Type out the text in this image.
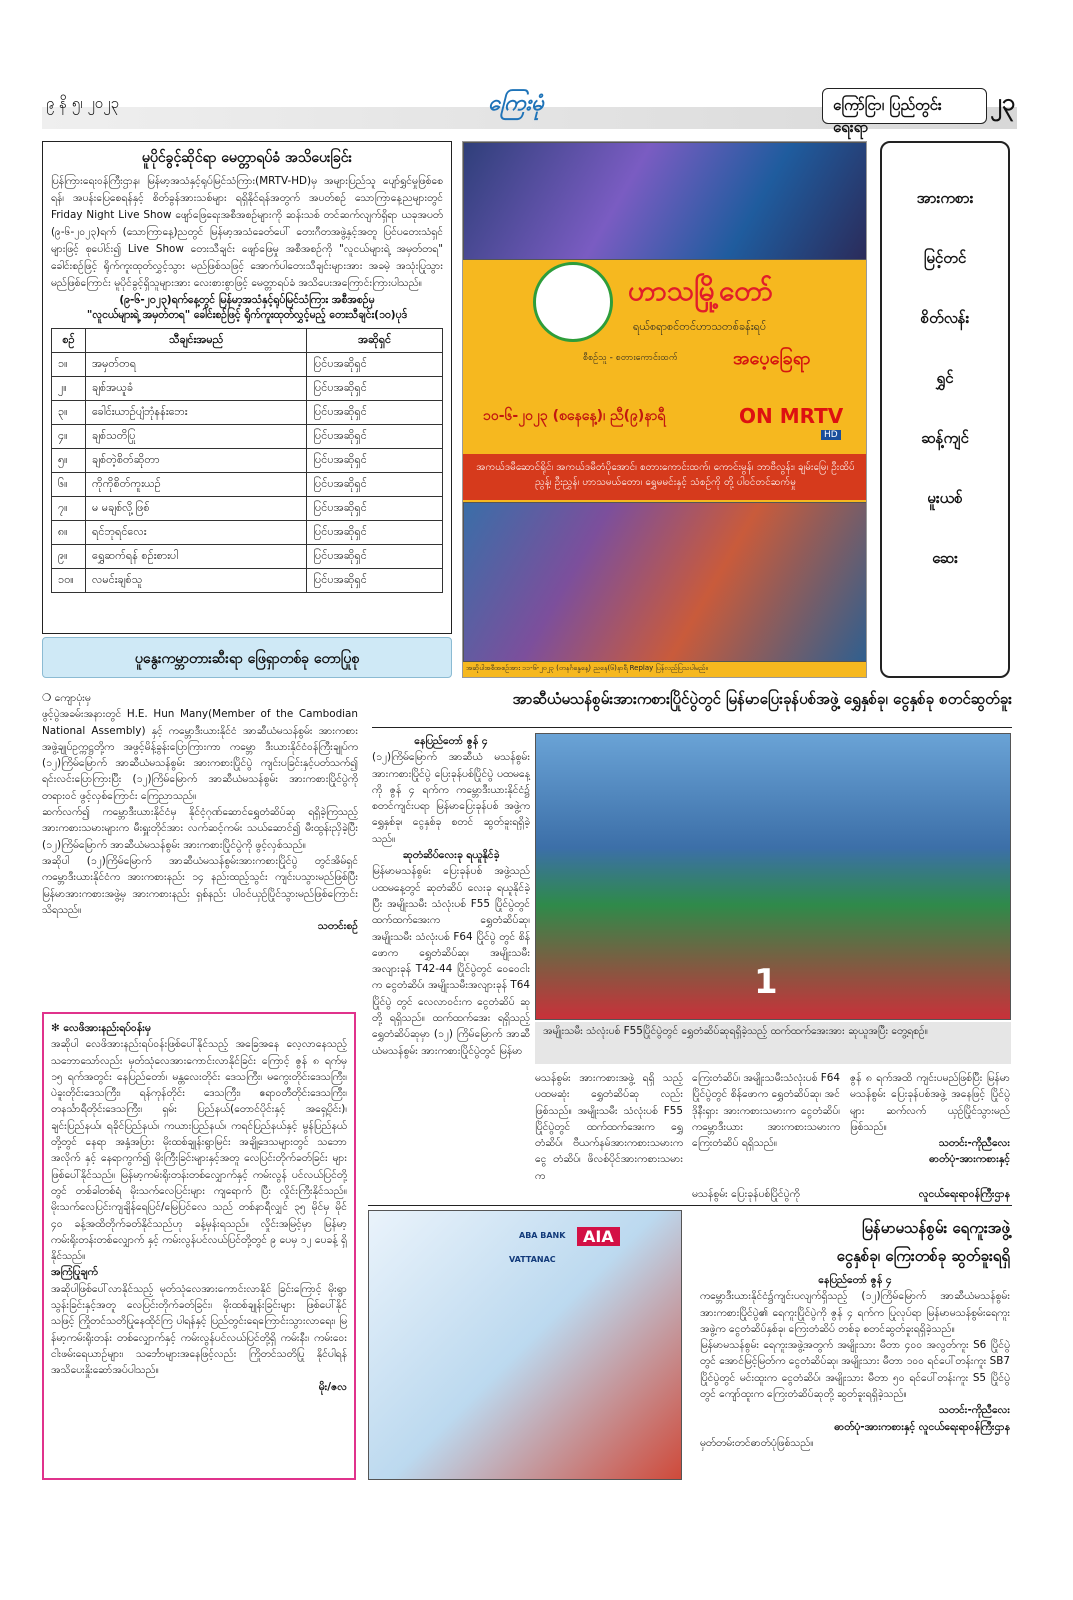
၉ နိ ၅၊ ၂၀၂၃	ကြေးမုံ	ကြော်ငြာ၊ ပြည်တွင်းရေးရာ
၂၃
မူပိုင်ခွင့်ဆိုင်ရာ မေတ္တာရပ်ခံ အသိပေးခြင်း
ပြန်ကြားရေးဝန်ကြီးဌာန၊ မြန်မာ့အသံနှင့်ရုပ်မြင်သံကြား(MRTV-HD)မှ အများပြည်သူ ပျော်ရွှင်မှုဖြစ်စေရန်၊ အပန်းပြေစေရန်နှင့် စိတ်ခွန်အားသစ်များ ရရှိနိုင်ရန်အတွက် အပတ်စဉ် သောကြာနေ့ညများတွင် Friday Night Live Show ဖျော်ဖြေရေးအစီအစဉ်များကို ဆန်းသစ် တင်ဆက်လျက်ရှိရာ ယခုအပတ် (၉-၆-၂၀၂၃)ရက် (သောကြာနေ့)ညတွင် မြန်မာ့အသံခေတ်ပေါ် တေးဂီတအဖွဲ့နှင့်အတူ ပြင်ပတေးသံရှင်များဖြင့် စုပေါင်း၍ Live Show တေးသီချင်း ဖျော်ဖြေမှု အစီအစဉ်ကို "လူငယ်များရဲ့ အမှတ်တရ" ခေါင်းစဉ်ဖြင့် ရိုက်ကူးထုတ်လွှင့်သွား မည်ဖြစ်သဖြင့် အောက်ပါတေးသီချင်းများအား အခမဲ့ အသုံးပြုသွားမည်ဖြစ်ကြောင်း မူပိုင်ခွင့်ရှိသူများအား လေးစားစွာဖြင့် မေတ္တာရပ်ခံ အသိပေးအကြောင်းကြားပါသည်။
(၉-၆-၂၀၂၃)ရက်နေ့တွင် မြန်မာ့အသံနှင့်ရုပ်မြင်သံကြား အစီအစဉ်မှ
"လူငယ်များရဲ့ အမှတ်တရ" ခေါင်းစဉ်ဖြင့် ရိုက်ကူးထုတ်လွှင့်မည့် တေးသီချင်း(၁၀)ပုဒ်
စဉ်	သီချင်းအမည်	အဆိုရှင်
၁။	အမှတ်တရ	ပြင်ပအဆိုရှင်
၂။	ချစ်အယူခံ	ပြင်ပအဆိုရှင်
၃။	ခေါင်းယာဉ်ပျံဘုံနန်းဘေး	ပြင်ပအဆိုရှင်
၄။	ချစ်သတိပြု	ပြင်ပအဆိုရှင်
၅။	ချစ်တဲ့စိတ်ဆိုတာ	ပြင်ပအဆိုရှင်
၆။	ကိုကိုစိတ်ကူးယဉ်	ပြင်ပအဆိုရှင်
၇။	မ မချစ်လို့ဖြစ်	ပြင်ပအဆိုရှင်
၈။	ရင်ဘုရင်လေး	ပြင်ပအဆိုရှင်
၉။	ရွှေဆက်ရန် စဉ်းစားပါ	ပြင်ပအဆိုရှင်
၁၀။	လမင်းချစ်သူ	ပြင်ပအဆိုရှင်
ပူနွေးကမ္ဘာတားဆီးရာ ဖြေရှာတစ်ခု တောပြုစု
ဟာသမြို့တော်
ရယ်စရာစင်တင်ဟာသတစ်ခန်းရပ်
စီစဉ်သူ - စတားကောင်းထက်	အပေ့ခြေရာ
၁၀-၆-၂၀၂၃ (စနေနေ့)၊ ညီ(၉)နာရီ	ON MRTV
HD
အကယ်ဒမီဆောင်ရိုင်၊ အကယ်ဒမီတံပိုအောင်၊ စတားကောင်းထက်၊ ကောင်းမွန်၊ ဘာဗီလွန်း၊ ချမ်းမြေ၊ ဦးထိပ်ညွန့်၊ ဦးညွှန်၊ ဟာသမယ်တော၊ ရွှေမမင်းနှင့် သံစဉ်ကို တို့ ပါဝင်တင်ဆက်မှု
အဆိုပါအစီအစဉ်အား ၁၁-၆-၂၀၂၃ (တနင်္ဂနွေနေ့) ညနေ(၆)နာရီ Replay ပြန်လည်ပြသပါမည်။
အားကစား
မြင့်တင်
စိတ်လန်း
ရွှင်
ဆန့်ကျင်
မူးယစ်
ဆေး
❍ ကျောပုံးမှ
ဖွင့်ပွဲအခမ်းအနားတွင် H.E. Hun Many(Member of the Cambodian National Assembly) နှင့် ကမ္ဘောဒီးယားနိုင်ငံ အာဆီယံမသန်စွမ်း အားကစားအဖွဲ့ချုပ်ဥက္ကဋ္ဌတို့က အဖွင့်မိန့်ခွန်းပြောကြားကာ ကမ္ဘော ဒီးယားနိုင်ငံဝန်ကြီးချုပ်က (၁၂)ကြိမ်မြောက် အာဆီယံမသန်စွမ်း အားကစားပြိုင်ပွဲ ကျင်းပခြင်းနှင့်ပတ်သက်၍ ရင်းလင်းပြောကြားပြီး (၁၂)ကြိမ်မြောက် အာဆီယံမသန်စွမ်း အားကစားပြိုင်ပွဲကို တရားဝင် ဖွင့်လှစ်ကြောင်း ကြေညာသည်။
ဆက်လက်၍ ကမ္ဘောဒီးယားနိုင်ငံမှ နိုင်ငံ့ဂုဏ်ဆောင်ရွှေတံဆိပ်ဆု ရရှိခဲ့ကြသည့် အားကစားသမားများက မီးရှူးတိုင်အား လက်ဆင့်ကမ်း သယ်ဆောင်၍ မီးထွန်းညှိခဲ့ပြီး (၁၂)ကြိမ်မြောက် အာဆီယံမသန်စွမ်း အားကစားပြိုင်ပွဲကို ဖွင့်လှစ်သည်။
အဆိုပါ (၁၂)ကြိမ်မြောက် အာဆီယံမသန်စွမ်းအားကစားပြိုင်ပွဲ တွင်အိမ်ရှင်ကမ္ဘောဒီးယားနိုင်ငံက အားကစားနည်း ၁၄ နည်းထည့်သွင်း ကျင်းပသွားမည်ဖြစ်ပြီး မြန်မာအားကစားအဖွဲ့မှ အားကစားနည်း ရှစ်နည်း ပါဝင်ယှဉ်ပြိုင်သွားမည်ဖြစ်ကြောင်း သိရသည်။
သတင်းစဉ်
✻ လေဖိအားနည်းရပ်ဝန်းမှ
အဆိုပါ လေဖိအားနည်းရပ်ဝန်းဖြစ်ပေါ်နိုင်သည့် အခြေအနေ လေ့လာနေသည့်သဘောသော်လည်း မှတ်သုံလေအားကောင်းလာနိုင်ခြင်း ကြောင့် ဇွန် ၈ ရက်မှ ၁၅ ရက်အတွင်း နေပြည်တော်၊ မန္တလေးတိုင်း ဒေသကြီး၊ မကွေးတိုင်းဒေသကြီး၊ ပဲခူးတိုင်းဒေသကြီး၊ ရန်ကုန်တိုင်း ဒေသကြီး၊ ဧရာဝတီတိုင်းဒေသကြီး၊ တနင်္သာရီတိုင်းဒေသကြီး၊ ရှမ်း ပြည်နယ်(တောင်ပိုင်းနှင့် အရှေ့ပိုင်း)၊ ချင်းပြည်နယ်၊ ရခိုင်ပြည်နယ်၊ ကယားပြည်နယ်၊ ကရင်ပြည်နယ်နှင့် မွန်ပြည်နယ်တို့တွင် နေရာ အနှံ့အပြား မိုးထစ်ချုန်းရွာမြင်း အချို့ဒေသများတွင် သဘောအလိုက် နှင့် နေရာကွက်၍ မိုးကြီးခြင်းများနှင့်အတူ လေပြင်းတိုက်ခတ်ခြင်း များ ဖြစ်ပေါ်နိုင်သည်။ မြန်မာ့ကမ်းရိုးတန်းတစ်လျှောက်နှင့် ကမ်းလွန် ပင်လယ်ပြင်တို့တွင် တစ်ခါတစ်ရံ မိုးသက်လေပြင်းများ ကျရောက် ပြီး လှိုင်းကြီးနိုင်သည်။ မိုးသက်လေပြင်းကျချိန်ရေပြင်/မြေပြင်လေ သည် တစ်နာရီလျှင် ၃၅ မိုင်မှ မိုင် ၄၀ ခန့်အထိတိုက်ခတ်နိုင်သည်ဟု ခန့်မှန်းရသည်။ လှိုင်းအမြင့်မှာ မြန်မာ့ကမ်းရိုးတန်းတစ်လျှောက် နှင့် ကမ်းလွန်ပင်လယ်ပြင်တို့တွင် ၉ ပေမှ ၁၂ ပေခန့် ရှိနိုင်သည်။
အကြံပြုချက်
အဆိုပါဖြစ်ပေါ်လာနိုင်သည့် မုတ်သုံလေအားကောင်းလာနိုင် ခြင်းကြောင့် မိုးရွာသွန်းခြင်းနှင့်အတူ လေပြင်းတိုက်ခတ်ခြင်း၊ မိုးထစ်ချုန်းခြင်းများ ဖြစ်ပေါ်နိုင်သဖြင့် ကြိုတင်သတိပြုနေထိုင်ကြ ပါရန်နှင့် ပြည်တွင်းရေကြောင်းသွားလာရေး၊ မြန်မာ့ကမ်းရိုးတန်း တစ်လျှောက်နှင့် ကမ်းလွန်ပင်လယ်ပြင်တို့ရှိ ကမ်းနီး၊ ကမ်းဝေး ငါးဖမ်းရေယာဉ်များ၊ သင်္ဘောများအနေဖြင့်လည်း ကြိုတင်သတိပြု နိုင်ပါရန် အသိပေးနှိုးဆော်အပ်ပါသည်။
မိုး/ဇလ
အာဆီယံမသန်စွမ်းအားကစားပြိုင်ပွဲတွင် မြန်မာပြေးခုန်ပစ်အဖွဲ့ ရွှေနှစ်ခု၊ ငွေနှစ်ခု စတင်ဆွတ်ခူး
နေပြည်တော် ဇွန် ၄
(၁၂)ကြိမ်မြောက် အာဆီယံ မသန်စွမ်း အားကစားပြိုင်ပွဲ ပြေးခုန်ပစ်ပြိုင်ပွဲ ပထမနေ့ကို ဇွန် ၄ ရက်က ကမ္ဘောဒီးယားနိုင်ငံ၌ စတင်ကျင်းပရာ မြန်မာပြေးခုန်ပစ် အဖွဲ့က ရွှေနှစ်ခု၊ ငွေနှစ်ခု စတင် ဆွတ်ခူးရရှိခဲ့သည်။
ဆုတံဆိပ်လေးခု ရယူနိုင်ခဲ့
မြန်မာမသန်စွမ်း ပြေးခုန်ပစ် အဖွဲ့သည် ပထမနေ့တွင် ဆုတံဆိပ် လေးခု ရယူနိုင်ခဲ့ပြီး အမျိုးသမီး သံလုံးပစ် F55 ပြိုင်ပွဲတွင် ထက်ထက်အေးက ရွှေတံဆိပ်ဆု၊ အမျိုးသမီး သံလုံးပစ် F64 ပြိုင်ပွဲ တွင် စိန်ဖောက ရွှေတံဆိပ်ဆု၊ အမျိုးသမီး အလျားခုန် T42-44 ပြိုင်ပွဲတွင် ဝေဝေငါးက ငွေတံဆိပ်၊ အမျိုးသမီးအလျားခုန် T64 ပြိုင်ပွဲ တွင် လေလာဝင်းက ငွေတံဆိပ် ဆုတို့ ရရှိသည်။ ထက်ထက်အေး ရရှိသည့် ရွှေတံဆိပ်ဆုမှာ (၁၂) ကြိမ်မြောက် အာဆီယံမသန်စွမ်း အားကစားပြိုင်ပွဲတွင် မြန်မာ
1
အမျိုးသမီး သံလုံးပစ် F55ပြိုင်ပွဲတွင် ရွှေတံဆိပ်ဆုရရှိခဲ့သည့် ထက်ထက်အေးအား ဆုယူအပြီး တွေ့ရစဉ်။
မသန်စွမ်း အားကစားအဖွဲ့ ရရှိ သည့် ပထမဆုံး ရွှေတံဆိပ်ဆု လည်းဖြစ်သည်။ အမျိုးသမီး သံလုံးပစ် F55 ပြိုင်ပွဲတွင် ထက်ထက်အေးက ရွှေတံဆိပ်၊ ဗီယက်နမ်အားကစားသမားက ငွေ တံဆိပ်၊ ဖိလစ်ပိုင်အားကစားသမားက
ကြေးတံဆိပ်၊ အမျိုးသမီးသံလုံးပစ် F64 ပြိုင်ပွဲတွင် စိန်ဖောက ရွှေတံဆိပ်ဆု၊ အင်ဒိုနီးရှား အားကစားသမားက ငွေတံဆိပ်၊ ကမ္ဘောဒီးယား အားကစားသမားက ကြေးတံဆိပ် ရရှိသည်။
ဇွန် ၈ ရက်အထိ ကျင်းပမည်ဖြစ်ပြီး မြန်မာမသန်စွမ်း ပြေးခုန်ပစ်အဖွဲ့ အနေဖြင့် ပြိုင်ပွဲများ ဆက်လက် ယှဉ်ပြိုင်သွားမည်ဖြစ်သည်။
သတင်း-ကိုညီလေး
ဓာတ်ပုံ-အားကစားနှင့်
မသန်စွမ်း ပြေးခုန်ပစ်ပြိုင်ပွဲကို	လူငယ်ရေးရာဝန်ကြီးဌာန
AIA
ABA BANK
VATTANAC
မြန်မာမသန်စွမ်း ရေကူးအဖွဲ့
ငွေနှစ်ခု၊ ကြေးတစ်ခု ဆွတ်ခူးရရှိ
နေပြည်တော် ဇွန် ၄
ကမ္ဘောဒီးယားနိုင်ငံ၌ကျင်းပလျက်ရှိသည့် (၁၂)ကြိမ်မြောက် အာဆီယံမသန်စွမ်းအားကစားပြိုင်ပွဲ၏ ရေကူးပြိုင်ပွဲကို ဇွန် ၄ ရက်က ပြုလုပ်ရာ မြန်မာမသန်စွမ်းရေကူးအဖွဲ့က ငွေတံဆိပ်နှစ်ခု၊ ကြေးတံဆိပ် တစ်ခု စတင်ဆွတ်ခူးရရှိခဲ့သည်။
မြန်မာမသန်စွမ်း ရေကူးအဖွဲ့အတွက် အမျိုးသား မီတာ ၄၀၀ အလွတ်ကူး S6 ပြိုင်ပွဲတွင် အောင်မြင့်မြတ်က ငွေတံဆိပ်ဆု၊ အမျိုးသား မီတာ ၁၀၀ ရင်ပေါ်တန်းကူး SB7 ပြိုင်ပွဲတွင် မင်းထူးက ငွေတံဆိပ်၊ အမျိုးသား မီတာ ၅၀ ရင်ပေါ်တန်းကူး S5 ပြိုင်ပွဲတွင် ကျော်ထူးက ကြေးတံဆိပ်ဆုတို့ ဆွတ်ခူးရရှိခဲ့သည်။
သတင်း-ကိုညီလေး
ဓာတ်ပုံ-အားကစားနှင့် လူငယ်ရေးရာဝန်ကြီးဌာန
မှတ်တမ်းတင်ဓာတ်ပုံဖြစ်သည်။
